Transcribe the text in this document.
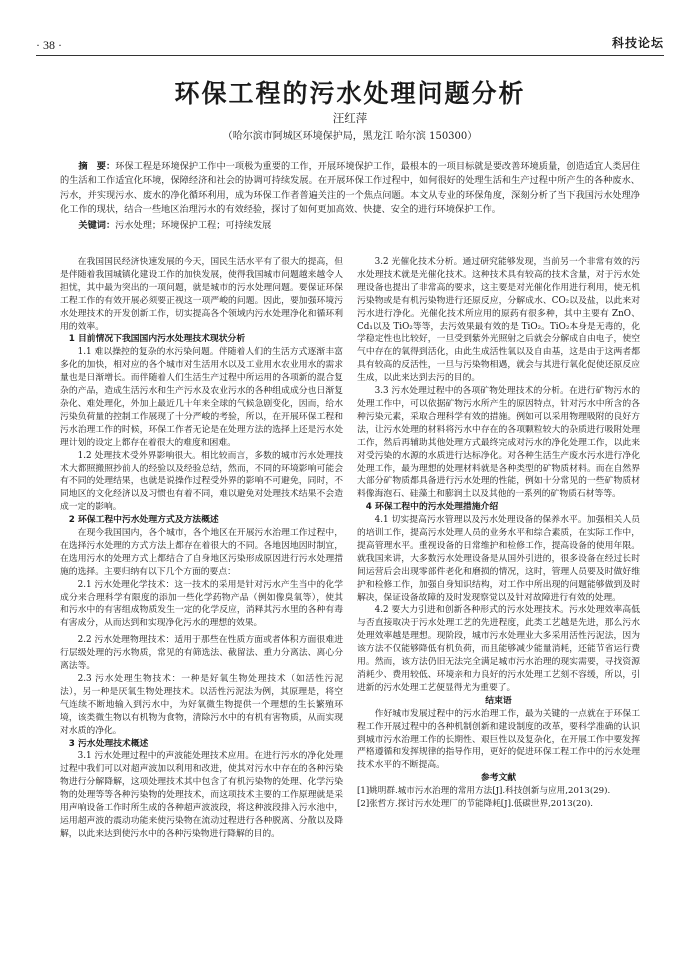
· 38 ·	科技论坛
环保工程的污水处理问题分析
汪红萍
（哈尔滨市阿城区环境保护局，黑龙江 哈尔滨 150300）
摘　要：环保工程是环境保护工作中一项极为重要的工作，开展环境保护工作，最根本的一项目标就是要改善环境质量，创造适宜人类居住的生活和工作适宜化环境，保障经济和社会的协调可持续发展。在开展环保工作过程中，如何很好的处理生活和生产过程中所产生的各种废水、污水，并实现污水、废水的净化循环利用，成为环保工作者普遍关注的一个焦点问题。本文从专业的环保角度，深刻分析了当下我国污水处理净化工作的现状，结合一些地区治理污水的有效经验，探讨了如何更加高效、快捷、安全的进行环境保护工作。
关键词：污水处理；环境保护工程；可持续发展

在我国国民经济快速发展的今天，国民生活水平有了很大的提高，但是伴随着我国城镇化建设工作的加快发展，使得我国城市问题越来越令人担忧，其中最为突出的一项问题，就是城市的污水处理问题。要保证环保工程工作的有效开展必须要正视这一项严峻的问题。因此，要加强环境污水处理技术的开发创新工作，切实提高各个领域内污水处理净化和循环利用的效率。

1 目前情况下我国国内污水处理技术现状分析

1.1 难以操控的复杂的水污染问题。伴随着人们的生活方式逐渐丰富多化的加快，相对应的各个城市对生活用水以及工业用水农业用水的需求量也是日渐增长。而伴随着人们生活生产过程中所运用的各项新的混合复杂的产品，造成生活污水和生产污水及农业污水的各种组成成分也日渐复杂化、难处理化，外加上最近几十年来全球的气候急剧变化，因而，给水污染负荷量的控制工作展现了十分严峻的考验，所以，在开展环保工程和污水治理工作的时候，环保工作者无论是在处理方法的选择上还是污水处理计划的设定上都存在着很大的难度和困难。

1.2 处理技术受外界影响很大。相比较而言，多数的城市污水处理技术大都照搬照抄前人的经验以及经验总结，然而，不同的环境影响可能会有不同的处理结果，也就是说操作过程受外界的影响不可避免，同时，不同地区的文化经济以及习惯也有着不同，难以避免对处理技术结果不会造成一定的影响。

2 环保工程中污水处理方式及方法概述

在现今我国国内，各个城市，各个地区在开展污水治理工作过程中，在选择污水处理的方式方法上都存在着很大的不同。各地因地因时制宜，在选用污水的处理方式上都结合了自身地区污染形成原因进行污水处理措施的选择。主要归纳有以下几个方面的要点：

2.1 污水处理化学技术：这一技术的采用是针对污水产生当中的化学成分来合理科学有限度的添加一些化学药物产品（例如像臭氧等），使其和污水中的有害组成物质发生一定的化学反应，消释其污水里的各种有毒有害成分，从而达到和实现净化污水的理想的效果。

2.2 污水处理物理技术：适用于那些在性质方面或者体积方面很难进行层级处理的污水物质，常见的有筛选法、截留法、重力分离法、离心分离法等。

2.3 污水处理生物技术：一种是好氧生物处理技术（如活性污泥法），另一种是厌氧生物处理技术。以活性污泥法为例，其原理是，将空气连续不断地输入到污水中，为好氧微生物提供一个理想的生长繁殖环境，该类微生物以有机物为食物，清除污水中的有机有害物质，从而实现对水质的净化。

3 污水处理技术概述

3.1 污水处理过程中的声波能处理技术应用。在进行污水的净化处理过程中我们可以对超声波加以利用和改进，使其对污水中存在的各种污染物进行分解降解，这项处理技术其中包含了有机污染物的处理、化学污染物的处理等等各种污染物的处理技术，而这项技术主要的工作原理就是采用声响设备工作时所生成的各种超声波波段，将这种波段排入污水池中，运用超声波的震动功能来使污染物在流动过程进行各种脱离、分散以及降解，以此来达到使污水中的各种污染物进行降解的目的。

3.2 光催化技术分析。通过研究能够发现，当前另一个非常有效的污水处理技术就是光催化技术。这种技术具有较高的技术含量，对于污水处理设备也提出了非常高的要求，这主要是对光催化作用进行利用，使无机污染物或是有机污染物进行还原反应，分解成水、CO₂以及盐，以此来对污水进行净化。光催化技术所应用的原药有很多种，其中主要有 ZnO、Cd₁以及 TiO₂等等，去污效果最有效的是 TiO₂。TiO₂本身是无毒的，化学稳定性也比较好，一旦受到紫外光照射之后就会分解成自由电子，使空气中存在的氧得到活化，由此生成活性氧以及自由基，这是由于这两者都具有较高的反活性，一旦与污染物相遇，就会与其进行氧化促使还原反应生成，以此来达到去污的目的。

3.3 污水处理过程中的各项矿物处理技术的分析。在进行矿物污水的处理工作中，可以依据矿物污水所产生的原因特点，针对污水中所含的各种污染元素，采取合理科学有效的措施。例如可以采用物理吸附的良好方法，让污水处理的材料将污水中存在的各项颗粒较大的杂质进行吸附处理工作，然后再辅助其他处理方式最终完成对污水的净化处理工作，以此来对受污染的水源的水质进行达标净化。对各种生活生产废水污水进行净化处理工作，最为理想的处理材料就是各种类型的矿物质材料。而在自然界大部分矿物质都具备进行污水处理的性能，例如十分常见的一些矿物质材料像海泡石、硅藻土和膨润土以及其他的一系列的矿物质石材等等。

4 环保工程中的污水处理措施介绍

4.1 切实提高污水管理以及污水处理设备的保养水平。加强相关人员的培训工作，提高污水处理人员的业务水平和综合素质，在实际工作中，提高管理水平。重视设备的日常维护和检修工作，提高设备的使用年限。就我国来讲，大多数污水处理设备是从国外引进的，很多设备在经过长时间运营后会出现零部件老化和磨损的情况，这时，管理人员要及时做好维护和检修工作，加强自身知识结构，对工作中所出现的问题能够做到及时解决，保证设备故障的及时发现察觉以及针对故障进行有效的处理。

4.2 要大力引进和创新各种形式的污水处理技术。污水处理效率高低与否直接取决于污水处理工艺的先进程度，此类工艺越是先进，那么污水处理效率越是理想。现阶段，城市污水处理业大多采用活性污泥法，因为该方法不仅能够降低有机负荷，而且能够减少能量消耗，还能节省运行费用。然而，该方法仍旧无法完全满足城市污水治理的现实需要，寻找资源消耗少、费用较低、环境亲和力良好的污水处理工艺刻不容缓，所以，引进新的污水处理工艺便显得尤为重要了。

结束语

作好城市发展过程中的污水治理工作，最为关键的一点就在于环保工程工作开展过程中的各种机制创新和建设制度的改革，要科学准确的认识到城市污水治理工作的长期性、艰巨性以及复杂化，在开展工作中要发挥严格遵循和发挥规律的指导作用，更好的促进环保工程工作中的污水处理技术水平的不断提高。

参考文献

[1]姚明群.城市污水治理的常用方法[J].科技创新与应用,2013(29).

[2]张哲方.探讨污水处理厂的节能降耗[J].低碳世界,2013(20).
